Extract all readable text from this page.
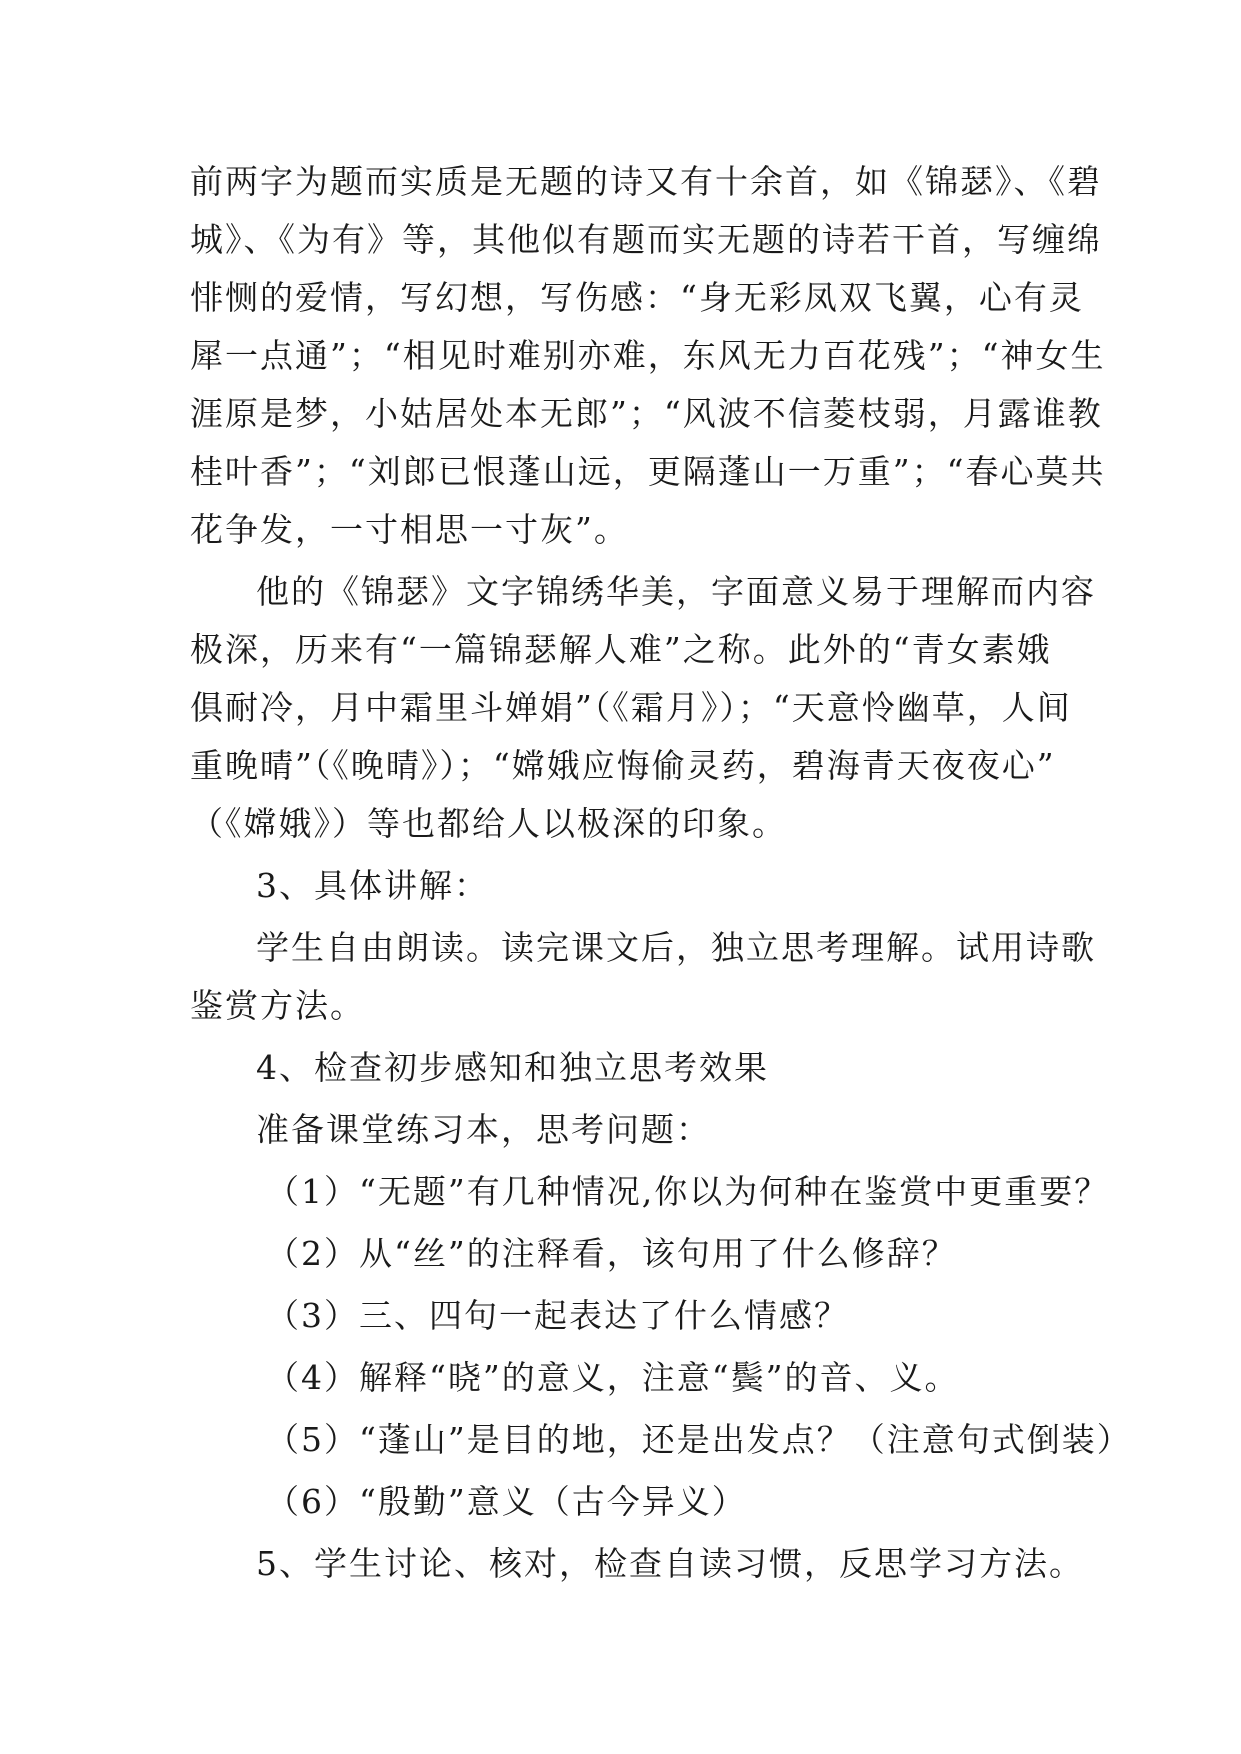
前两字为题而实质是无题的诗又有十余首，如《锦瑟》、《碧
城》、《为有》等，其他似有题而实无题的诗若干首，写缠绵
悱恻的爱情，写幻想，写伤感：“身无彩凤双飞翼，心有灵
犀一点通”；“相见时难别亦难，东风无力百花残”；“神女生
涯原是梦，小姑居处本无郎”；“风波不信菱枝弱，月露谁教
桂叶香”；“刘郎已恨蓬山远，更隔蓬山一万重”；“春心莫共
花争发，一寸相思一寸灰”。
他的《锦瑟》文字锦绣华美，字面意义易于理解而内容
极深，历来有“一篇锦瑟解人难”之称。此外的“青女素娥
俱耐冷，月中霜里斗婵娟”（《霜月》）；“天意怜幽草，人间
重晚晴”（《晚晴》）；“嫦娥应悔偷灵药，碧海青天夜夜心”
（《嫦娥》）等也都给人以极深的印象。
3、具体讲解：
学生自由朗读。读完课文后，独立思考理解。试用诗歌
鉴赏方法。
4、检查初步感知和独立思考效果
准备课堂练习本，思考问题：
（1）“无题”有几种情况,你以为何种在鉴赏中更重要？
（2）从“丝”的注释看，该句用了什么修辞？
（3）三、四句一起表达了什么情感？
（4）解释“晓”的意义，注意“鬓”的音、义。
（5）“蓬山”是目的地，还是出发点？（注意句式倒装）
（6）“殷勤”意义（古今异义）
5、学生讨论、核对，检查自读习惯，反思学习方法。
